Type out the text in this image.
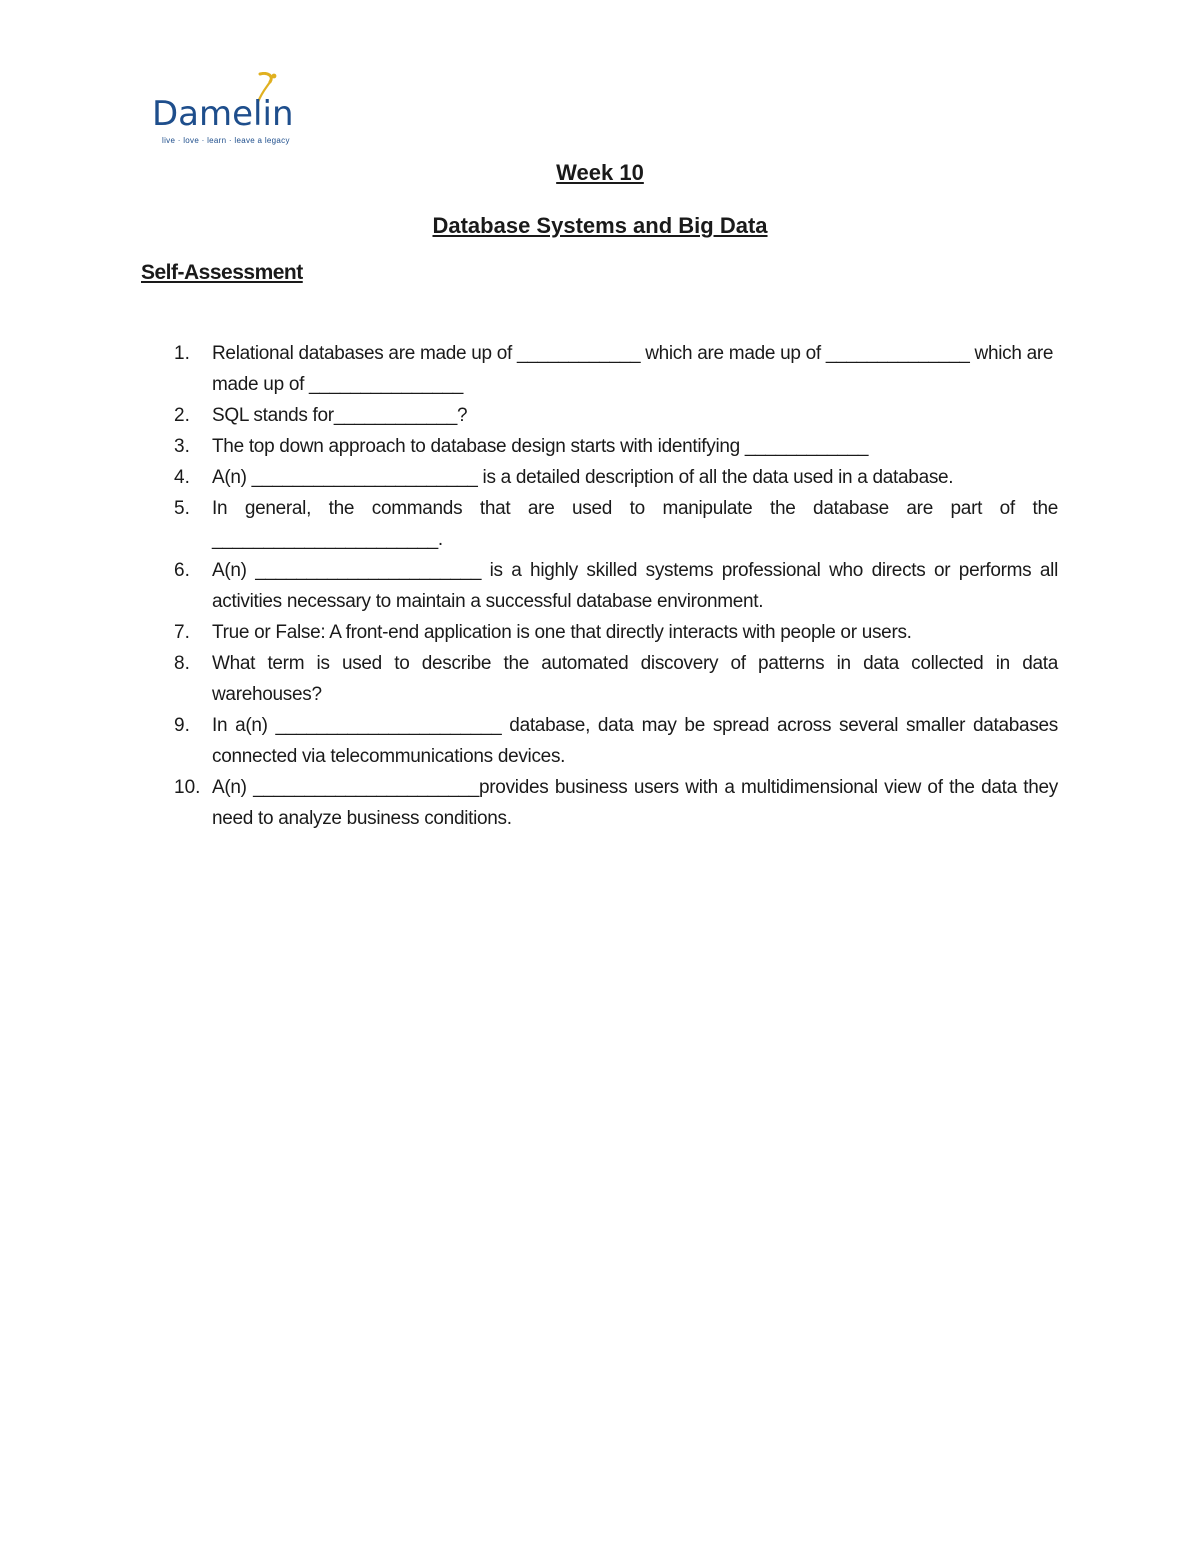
Damelin
live · love · learn · leave a legacy
Week 10
Database Systems and Big Data
Self-Assessment
1. Relational databases are made up of ____________ which are made up of ______________ which are made up of _______________
2. SQL stands for____________?
3. The top down approach to database design starts with identifying ____________
4. A(n) ______________________ is a detailed description of all the data used in a database.
5. In general, the commands that are used to manipulate the database are part of the ______________________.
6. A(n) ______________________ is a highly skilled systems professional who directs or performs all activities necessary to maintain a successful database environment.
7. True or False: A front-end application is one that directly interacts with people or users.
8. What term is used to describe the automated discovery of patterns in data collected in data warehouses?
9. In a(n) ______________________ database, data may be spread across several smaller databases connected via telecommunications devices.
10. A(n) ______________________provides business users with a multidimensional view of the data they need to analyze business conditions.
